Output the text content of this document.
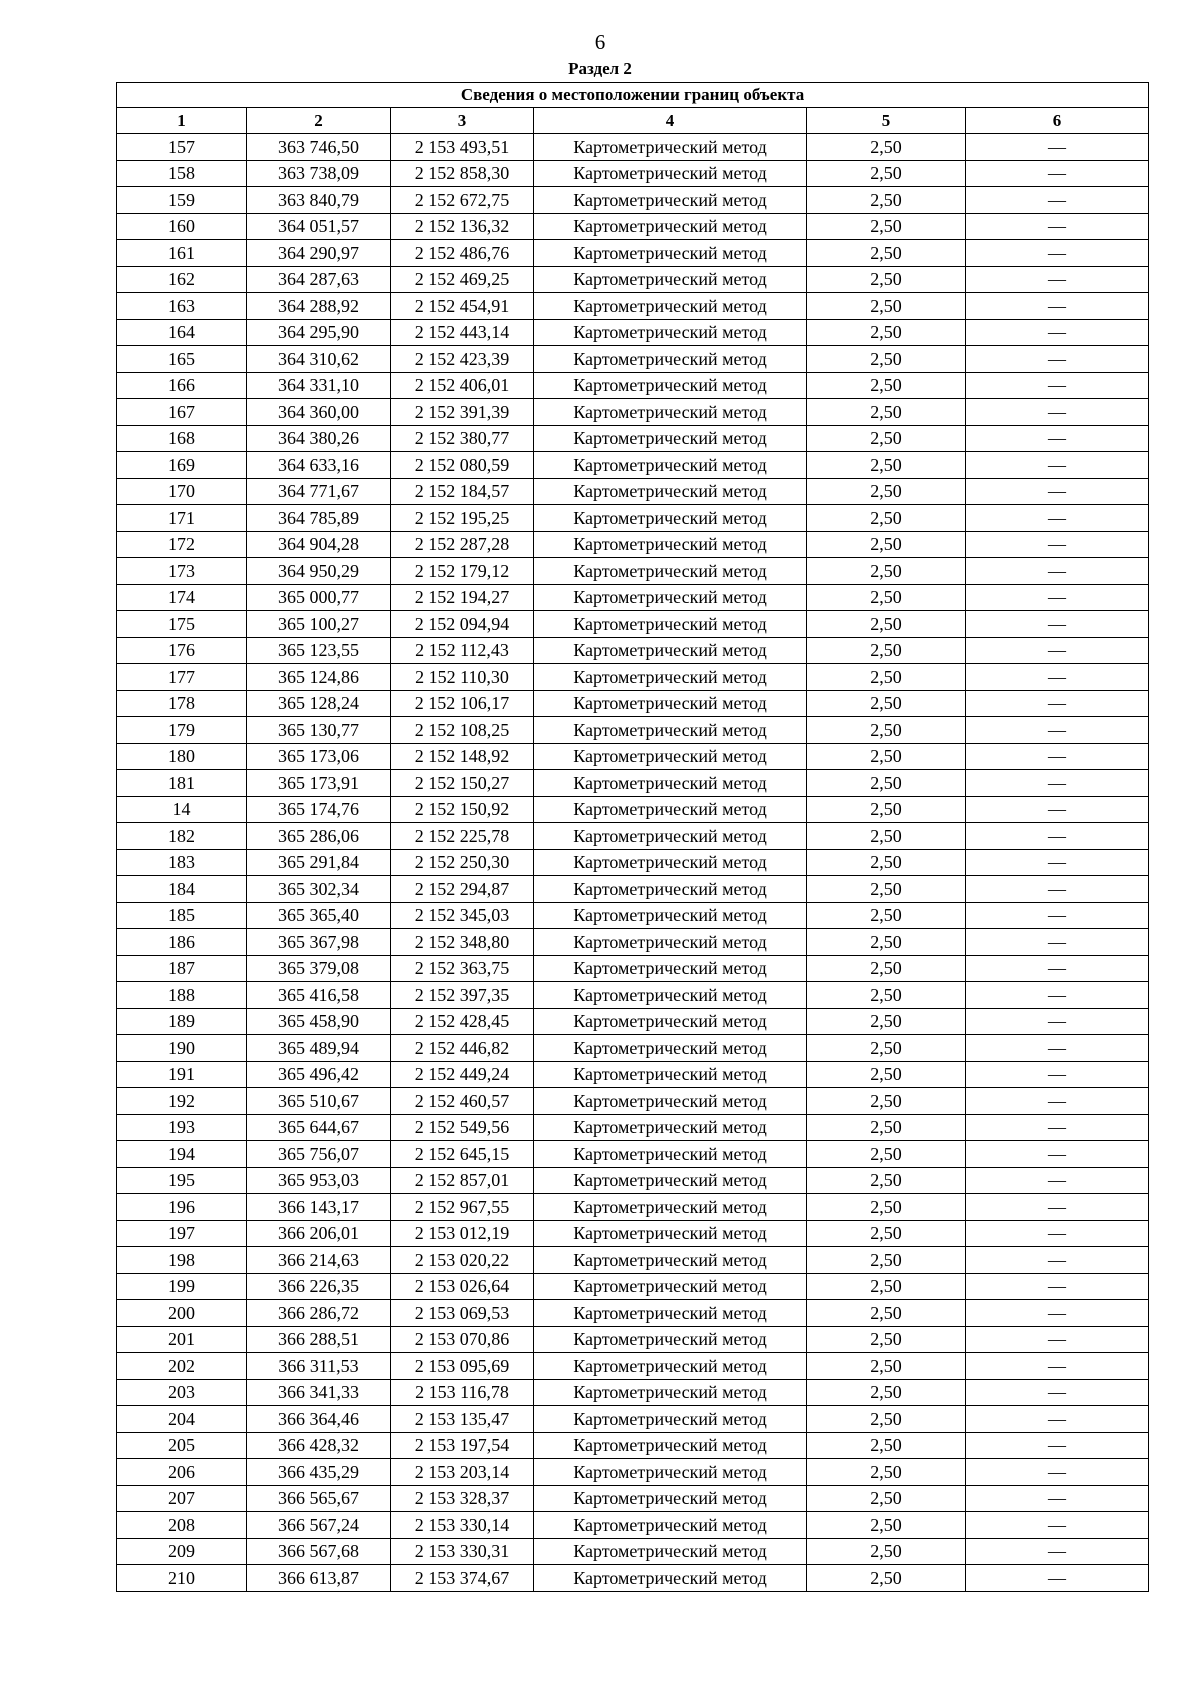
6
Раздел 2
Сведения о местоположении границ объекта					
1	2	3	4	5	6
157	363 746,50	2 153 493,51	Картометрический метод	2,50	—
158	363 738,09	2 152 858,30	Картометрический метод	2,50	—
159	363 840,79	2 152 672,75	Картометрический метод	2,50	—
160	364 051,57	2 152 136,32	Картометрический метод	2,50	—
161	364 290,97	2 152 486,76	Картометрический метод	2,50	—
162	364 287,63	2 152 469,25	Картометрический метод	2,50	—
163	364 288,92	2 152 454,91	Картометрический метод	2,50	—
164	364 295,90	2 152 443,14	Картометрический метод	2,50	—
165	364 310,62	2 152 423,39	Картометрический метод	2,50	—
166	364 331,10	2 152 406,01	Картометрический метод	2,50	—
167	364 360,00	2 152 391,39	Картометрический метод	2,50	—
168	364 380,26	2 152 380,77	Картометрический метод	2,50	—
169	364 633,16	2 152 080,59	Картометрический метод	2,50	—
170	364 771,67	2 152 184,57	Картометрический метод	2,50	—
171	364 785,89	2 152 195,25	Картометрический метод	2,50	—
172	364 904,28	2 152 287,28	Картометрический метод	2,50	—
173	364 950,29	2 152 179,12	Картометрический метод	2,50	—
174	365 000,77	2 152 194,27	Картометрический метод	2,50	—
175	365 100,27	2 152 094,94	Картометрический метод	2,50	—
176	365 123,55	2 152 112,43	Картометрический метод	2,50	—
177	365 124,86	2 152 110,30	Картометрический метод	2,50	—
178	365 128,24	2 152 106,17	Картометрический метод	2,50	—
179	365 130,77	2 152 108,25	Картометрический метод	2,50	—
180	365 173,06	2 152 148,92	Картометрический метод	2,50	—
181	365 173,91	2 152 150,27	Картометрический метод	2,50	—
14	365 174,76	2 152 150,92	Картометрический метод	2,50	—
182	365 286,06	2 152 225,78	Картометрический метод	2,50	—
183	365 291,84	2 152 250,30	Картометрический метод	2,50	—
184	365 302,34	2 152 294,87	Картометрический метод	2,50	—
185	365 365,40	2 152 345,03	Картометрический метод	2,50	—
186	365 367,98	2 152 348,80	Картометрический метод	2,50	—
187	365 379,08	2 152 363,75	Картометрический метод	2,50	—
188	365 416,58	2 152 397,35	Картометрический метод	2,50	—
189	365 458,90	2 152 428,45	Картометрический метод	2,50	—
190	365 489,94	2 152 446,82	Картометрический метод	2,50	—
191	365 496,42	2 152 449,24	Картометрический метод	2,50	—
192	365 510,67	2 152 460,57	Картометрический метод	2,50	—
193	365 644,67	2 152 549,56	Картометрический метод	2,50	—
194	365 756,07	2 152 645,15	Картометрический метод	2,50	—
195	365 953,03	2 152 857,01	Картометрический метод	2,50	—
196	366 143,17	2 152 967,55	Картометрический метод	2,50	—
197	366 206,01	2 153 012,19	Картометрический метод	2,50	—
198	366 214,63	2 153 020,22	Картометрический метод	2,50	—
199	366 226,35	2 153 026,64	Картометрический метод	2,50	—
200	366 286,72	2 153 069,53	Картометрический метод	2,50	—
201	366 288,51	2 153 070,86	Картометрический метод	2,50	—
202	366 311,53	2 153 095,69	Картометрический метод	2,50	—
203	366 341,33	2 153 116,78	Картометрический метод	2,50	—
204	366 364,46	2 153 135,47	Картометрический метод	2,50	—
205	366 428,32	2 153 197,54	Картометрический метод	2,50	—
206	366 435,29	2 153 203,14	Картометрический метод	2,50	—
207	366 565,67	2 153 328,37	Картометрический метод	2,50	—
208	366 567,24	2 153 330,14	Картометрический метод	2,50	—
209	366 567,68	2 153 330,31	Картометрический метод	2,50	—
210	366 613,87	2 153 374,67	Картометрический метод	2,50	—
